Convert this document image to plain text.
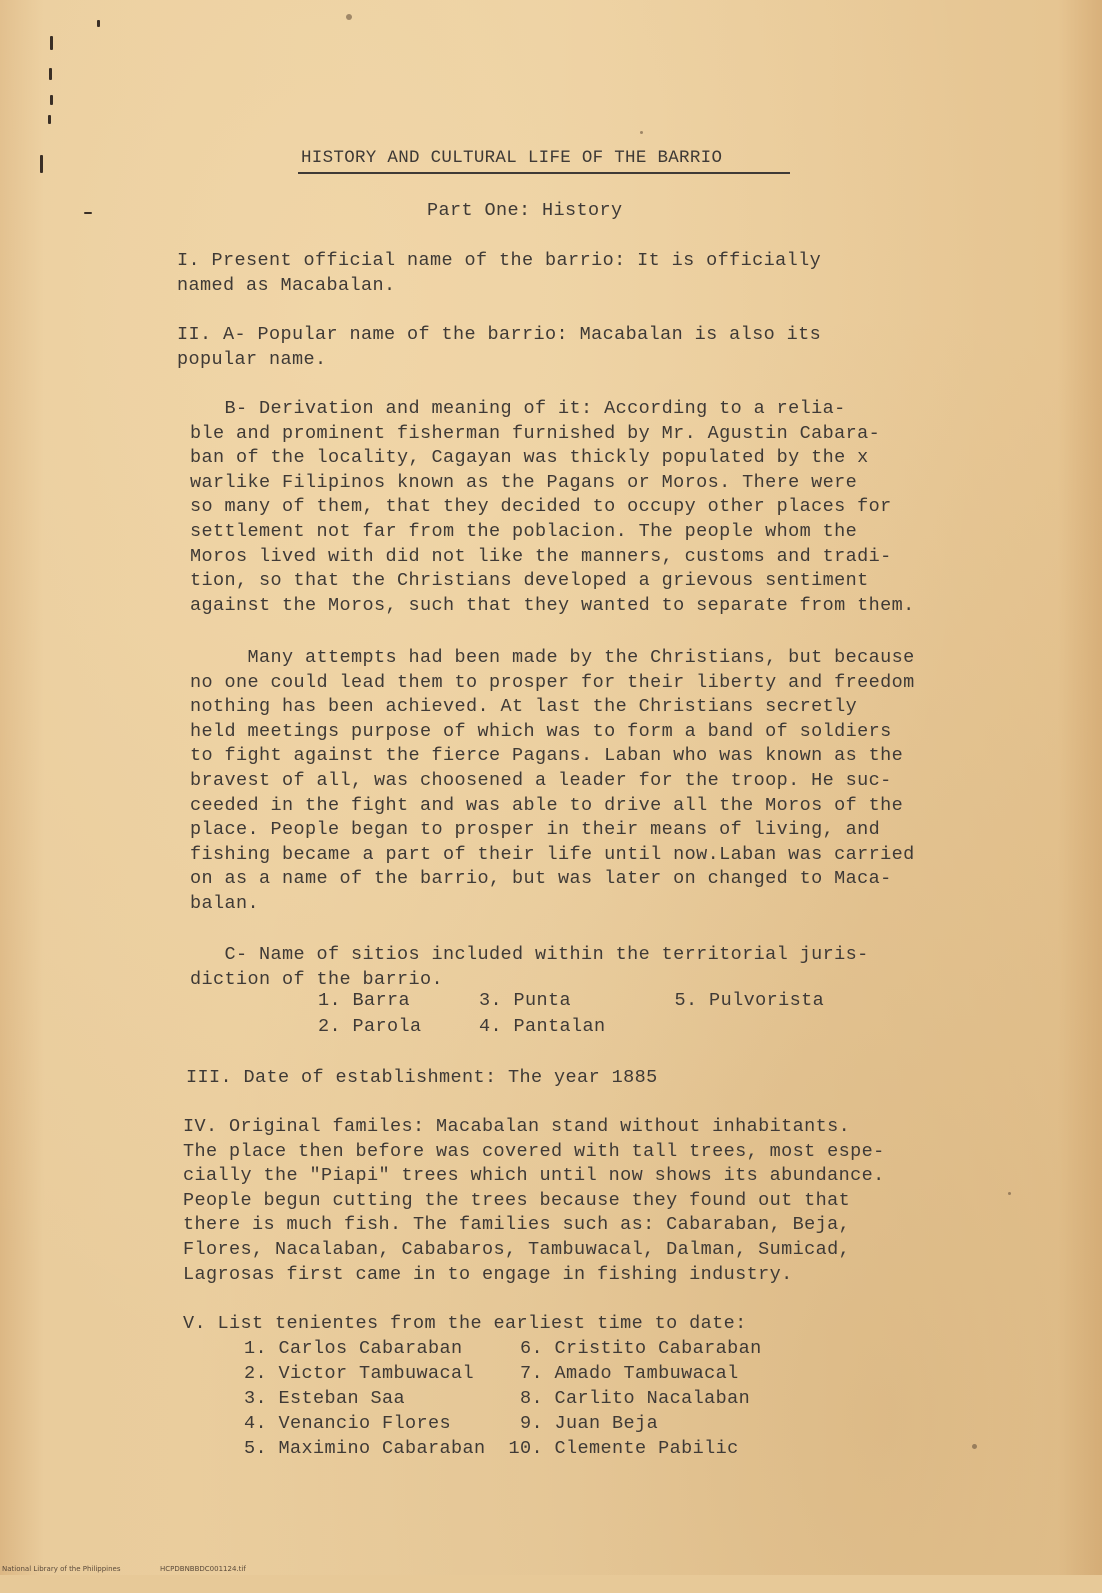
HISTORY AND CULTURAL LIFE OF THE BARRIO
Part One: History
I. Present official name of the barrio: It is officially
named as Macabalan.
II. A- Popular name of the barrio: Macabalan is also its
popular name.
B- Derivation and meaning of it: According to a relia-
ble and prominent fisherman furnished by Mr. Agustin Cabara-
ban of the locality, Cagayan was thickly populated by the x
warlike Filipinos known as the Pagans or Moros. There were
so many of them, that they decided to occupy other places for
settlement not far from the poblacion. The people whom the
Moros lived with did not like the manners, customs and tradi-
tion, so that the Christians developed a grievous sentiment
against the Moros, such that they wanted to separate from them.
Many attempts had been made by the Christians, but because
no one could lead them to prosper for their liberty and freedom
nothing has been achieved. At last the Christians secretly
held meetings purpose of which was to form a band of soldiers
to fight against the fierce Pagans. Laban who was known as the
bravest of all, was choosened a leader for the troop. He suc-
ceeded in the fight and was able to drive all the Moros of the
place. People began to prosper in their means of living, and
fishing became a part of their life until now.Laban was carried
on as a name of the barrio, but was later on changed to Maca-
balan.
C- Name of sitios included within the territorial juris-
diction of the barrio.
1. Barra      3. Punta         5. Pulvorista
2. Parola     4. Pantalan
III. Date of establishment: The year 1885
IV. Original familes: Macabalan stand without inhabitants.
The place then before was covered with tall trees, most espe-
cially the "Piapi" trees which until now shows its abundance.
People begun cutting the trees because they found out that
there is much fish. The families such as: Cabaraban, Beja,
Flores, Nacalaban, Cababaros, Tambuwacal, Dalman, Sumicad,
Lagrosas first came in to engage in fishing industry.
V. List tenientes from the earliest time to date:
1. Carlos Cabaraban     6. Cristito Cabaraban
2. Victor Tambuwacal    7. Amado Tambuwacal
3. Esteban Saa          8. Carlito Nacalaban
4. Venancio Flores      9. Juan Beja
5. Maximino Cabaraban  10. Clemente Pabilic

National Library of the Philippines

	HCPDBNBBDC001124.tif
